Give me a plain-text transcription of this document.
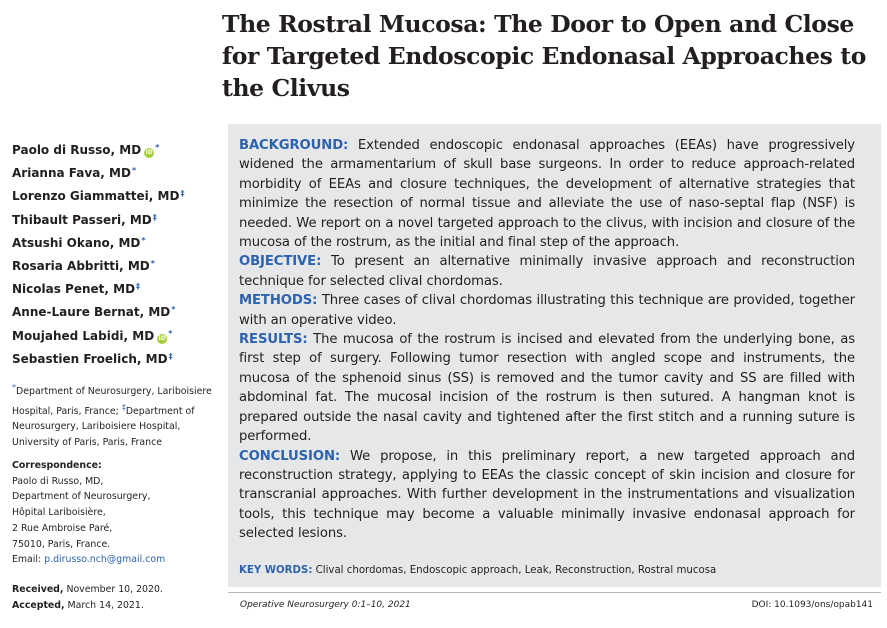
The Rostral Mucosa: The Door to Open and Close for Targeted Endoscopic Endonasal Approaches to the Clivus
Paolo di Russo, MD iD*
Arianna Fava, MD*
Lorenzo Giammattei, MD‡
Thibault Passeri, MD‡
Atsushi Okano, MD*
Rosaria Abbritti, MD*
Nicolas Penet, MD‡
Anne-Laure Bernat, MD*
Moujahed Labidi, MD iD*
Sebastien Froelich, MD‡
*Department of Neurosurgery, Lariboisiere Hospital, Paris, France; ‡Department of Neurosurgery, Lariboisiere Hospital, University of Paris, Paris, France
Correspondence:
Paolo di Russo, MD,
Department of Neurosurgery,
Hôpital Lariboisière,
2 Rue Ambroise Paré,
75010, Paris, France.
Email: p.dirusso.nch@gmail.com
Received, November 10, 2020.
Accepted, March 14, 2021.

BACKGROUND: Extended endoscopic endonasal approaches (EEAs) have progressively widened the armamentarium of skull base surgeons. In order to reduce approach-related morbidity of EEAs and closure techniques, the development of alternative strategies that minimize the resection of normal tissue and alleviate the use of naso-septal flap (NSF) is needed. We report on a novel targeted approach to the clivus, with incision and closure of the mucosa of the rostrum, as the initial and final step of the approach.

OBJECTIVE: To present an alternative minimally invasive approach and reconstruction technique for selected clival chordomas.

METHODS: Three cases of clival chordomas illustrating this technique are provided, together with an operative video.

RESULTS: The mucosa of the rostrum is incised and elevated from the underlying bone, as first step of surgery. Following tumor resection with angled scope and instruments, the mucosa of the sphenoid sinus (SS) is removed and the tumor cavity and SS are filled with abdominal fat. The mucosal incision of the rostrum is then sutured. A hangman knot is prepared outside the nasal cavity and tightened after the first stitch and a running suture is performed.

CONCLUSION: We propose, in this preliminary report, a new targeted approach and reconstruction strategy, applying to EEAs the classic concept of skin incision and closure for transcranial approaches. With further development in the instrumentations and visualization tools, this technique may become a valuable minimally invasive endonasal approach for selected lesions.

KEY WORDS: Clival chordomas, Endoscopic approach, Leak, Reconstruction, Rostral mucosa
Operative Neurosurgery 0:1–10, 2021	DOI: 10.1093/ons/opab141
